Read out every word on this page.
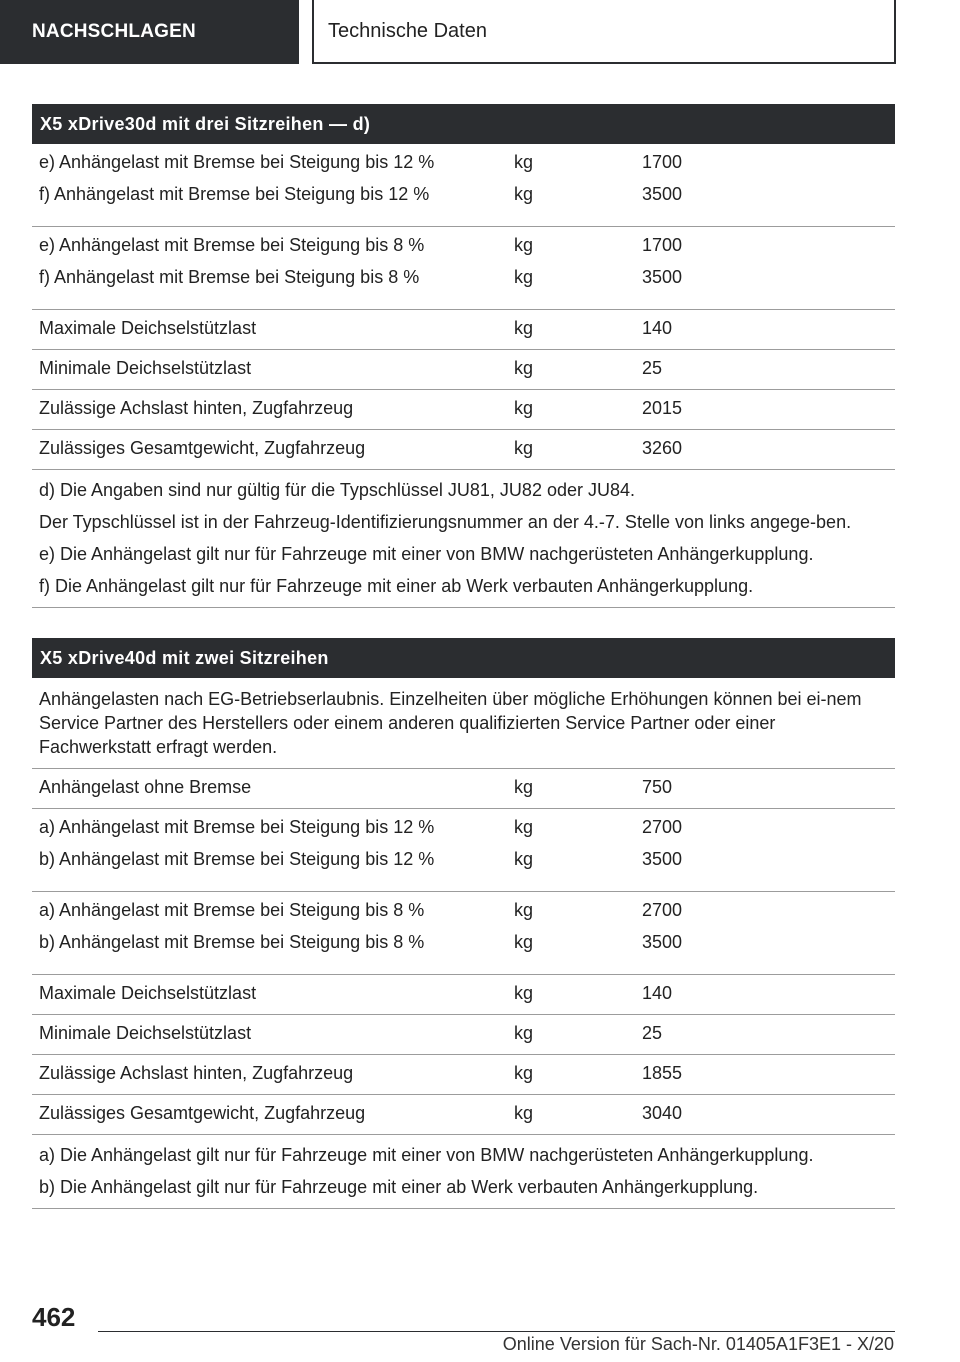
NACHSCHLAGEN	Technische Daten
X5 xDrive30d mit drei Sitzreihen — d)
e) Anhängelast mit Bremse bei Steigung bis 12 %	kg	1700
f) Anhängelast mit Bremse bei Steigung bis 12 %	kg	3500
e) Anhängelast mit Bremse bei Steigung bis 8 %	kg	1700
f) Anhängelast mit Bremse bei Steigung bis 8 %	kg	3500
Maximale Deichselstützlast	kg	140
Minimale Deichselstützlast	kg	25
Zulässige Achslast hinten, Zugfahrzeug	kg	2015
Zulässiges Gesamtgewicht, Zugfahrzeug	kg	3260

d) Die Angaben sind nur gültig für die Typschlüssel JU81, JU82 oder JU84.

Der Typschlüssel ist in der Fahrzeug-Identifizierungsnummer an der 4.-7. Stelle von links angege-ben.

e) Die Anhängelast gilt nur für Fahrzeuge mit einer von BMW nachgerüsteten Anhängerkupplung.

f) Die Anhängelast gilt nur für Fahrzeuge mit einer ab Werk verbauten Anhängerkupplung.

X5 xDrive40d mit zwei Sitzreihen
Anhängelasten nach EG-Betriebserlaubnis. Einzelheiten über mögliche Erhöhungen können bei ei-nem Service Partner des Herstellers oder einem anderen qualifizierten Service Partner oder einer Fachwerkstatt erfragt werden.
Anhängelast ohne Bremse	kg	750
a) Anhängelast mit Bremse bei Steigung bis 12 %	kg	2700
b) Anhängelast mit Bremse bei Steigung bis 12 %	kg	3500
a) Anhängelast mit Bremse bei Steigung bis 8 %	kg	2700
b) Anhängelast mit Bremse bei Steigung bis 8 %	kg	3500
Maximale Deichselstützlast	kg	140
Minimale Deichselstützlast	kg	25
Zulässige Achslast hinten, Zugfahrzeug	kg	1855
Zulässiges Gesamtgewicht, Zugfahrzeug	kg	3040

a) Die Anhängelast gilt nur für Fahrzeuge mit einer von BMW nachgerüsteten Anhängerkupplung.

b) Die Anhängelast gilt nur für Fahrzeuge mit einer ab Werk verbauten Anhängerkupplung.

462
Online Version für Sach-Nr. 01405A1F3E1 - X/20
